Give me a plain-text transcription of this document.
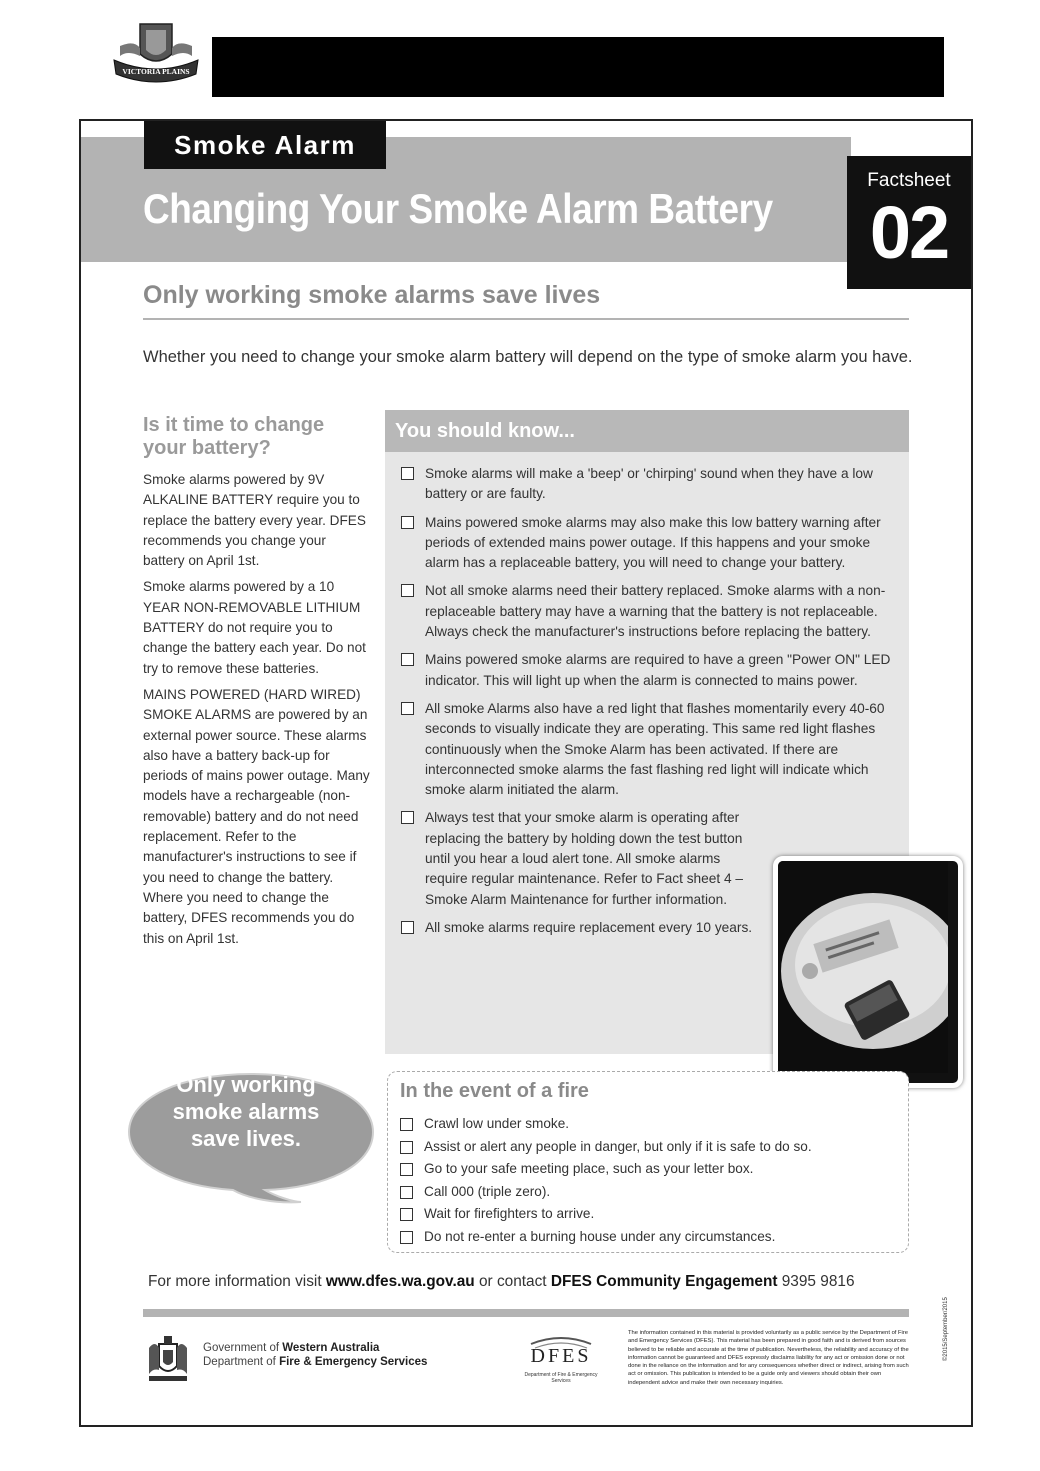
VICTORIA PLAINS
Smoke Alarm
Changing Your Smoke Alarm Battery
Factsheet
02
Only working smoke alarms save lives

Whether you need to change your smoke alarm battery will depend on the type of smoke alarm you have.

Is it time to change your battery?

Smoke alarms powered by 9V ALKALINE BATTERY require you to replace the battery every year. DFES recommends you change your battery on April 1st.

Smoke alarms powered by a 10 YEAR NON-REMOVABLE LITHIUM BATTERY do not require you to change the battery each year. Do not try to remove these batteries.

MAINS POWERED (HARD WIRED) SMOKE ALARMS are powered by an external power source. These alarms also have a battery back-up for periods of mains power outage. Many models have a rechargeable (non-removable) battery and do not need replacement. Refer to the manufacturer's instructions to see if you need to change the battery. Where you need to change the battery, DFES recommends you do this on April 1st.

You should know...
Smoke alarms will make a 'beep' or 'chirping' sound when they have a low battery or are faulty.
Mains powered smoke alarms may also make this low battery warning after periods of extended mains power outage. If this happens and your smoke alarm has a replaceable battery, you will need to change your battery.
Not all smoke alarms need their battery replaced. Smoke alarms with a non-replaceable battery may have a warning that the battery is not replaceable. Always check the manufacturer's instructions before replacing the battery.
Mains powered smoke alarms are required to have a green "Power ON" LED indicator. This will light up when the alarm is connected to mains power.
All smoke Alarms also have a red light that flashes momentarily every 40-60 seconds to visually indicate they are operating. This same red light flashes continuously when the Smoke Alarm has been activated. If there are interconnected smoke alarms the fast flashing red light will indicate which smoke alarm initiated the alarm.
Always test that your smoke alarm is operating after replacing the battery by holding down the test button until you hear a loud alert tone. All smoke alarms require regular maintenance. Refer to Fact sheet 4 – Smoke Alarm Maintenance for further information.
All smoke alarms require replacement every 10 years.
Only working
smoke alarms
save lives.
In the event of a fire
Crawl low under smoke.
Assist or alert any people in danger, but only if it is safe to do so.
Go to your safe meeting place, such as your letter box.
Call 000 (triple zero).
Wait for firefighters to arrive.
Do not re-enter a burning house under any circumstances.

For more information visit www.dfes.wa.gov.au or contact DFES Community Engagement 9395 9816

Government of Western Australia
Department of Fire & Emergency Services	DFES
Department of Fire & Emergency Services

The information contained in this material is provided voluntarily as a public service by the Department of Fire and Emergency Services (DFES). This material has been prepared in good faith and is derived from sources believed to be reliable and accurate at the time of publication. Nevertheless, the reliability and accuracy of the information cannot be guaranteed and DFES expressly disclaims liability for any act or omission done or not done in the reliance on the information and for any consequences whether direct or indirect, arising from such act or omission. This publication is intended to be a guide only and viewers should obtain their own independent advice and make their own necessary inquiries.

©2015/September/2015
